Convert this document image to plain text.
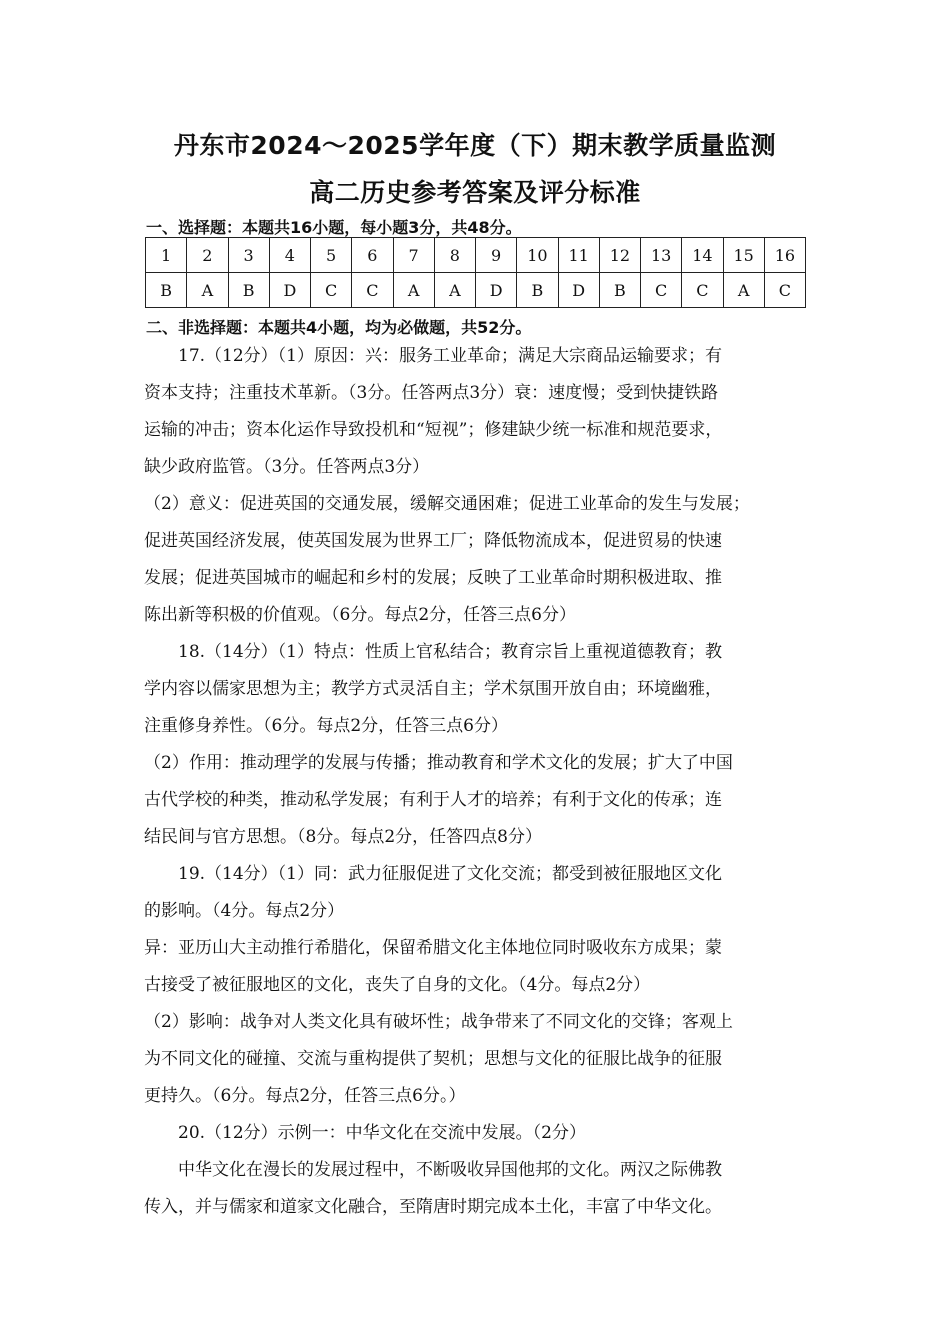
丹东市2024～2025学年度（下）期末教学质量监测
高二历史参考答案及评分标准
一、选择题：本题共16小题，每小题3分，共48分。
1	2	3	4	5	6	7	8	9	10	11	12	13	14	15	16
B	A	B	D	C	C	A	A	D	B	D	B	C	C	A	C
二、非选择题：本题共4小题，均为必做题，共52分。
17.（12分）（1）原因：兴：服务工业革命；满足大宗商品运输要求；有
资本支持；注重技术革新。（3分。任答两点3分）衰：速度慢；受到快捷铁路
运输的冲击；资本化运作导致投机和“短视”；修建缺少统一标准和规范要求，
缺少政府监管。（3分。任答两点3分）
（2）意义：促进英国的交通发展，缓解交通困难；促进工业革命的发生与发展；
促进英国经济发展，使英国发展为世界工厂；降低物流成本，促进贸易的快速
发展；促进英国城市的崛起和乡村的发展；反映了工业革命时期积极进取、推
陈出新等积极的价值观。（6分。每点2分，任答三点6分）
18.（14分）（1）特点：性质上官私结合；教育宗旨上重视道德教育；教
学内容以儒家思想为主；教学方式灵活自主；学术氛围开放自由；环境幽雅，
注重修身养性。（6分。每点2分，任答三点6分）
（2）作用：推动理学的发展与传播；推动教育和学术文化的发展；扩大了中国
古代学校的种类，推动私学发展；有利于人才的培养；有利于文化的传承；连
结民间与官方思想。（8分。每点2分，任答四点8分）
19.（14分）（1）同：武力征服促进了文化交流；都受到被征服地区文化
的影响。（4分。每点2分）
异：亚历山大主动推行希腊化，保留希腊文化主体地位同时吸收东方成果；蒙
古接受了被征服地区的文化，丧失了自身的文化。（4分。每点2分）
（2）影响：战争对人类文化具有破坏性；战争带来了不同文化的交锋；客观上
为不同文化的碰撞、交流与重构提供了契机；思想与文化的征服比战争的征服
更持久。（6分。每点2分，任答三点6分。）
20.（12分）示例一：中华文化在交流中发展。（2分）
中华文化在漫长的发展过程中，不断吸收异国他邦的文化。两汉之际佛教
传入，并与儒家和道家文化融合，至隋唐时期完成本土化，丰富了中华文化。
